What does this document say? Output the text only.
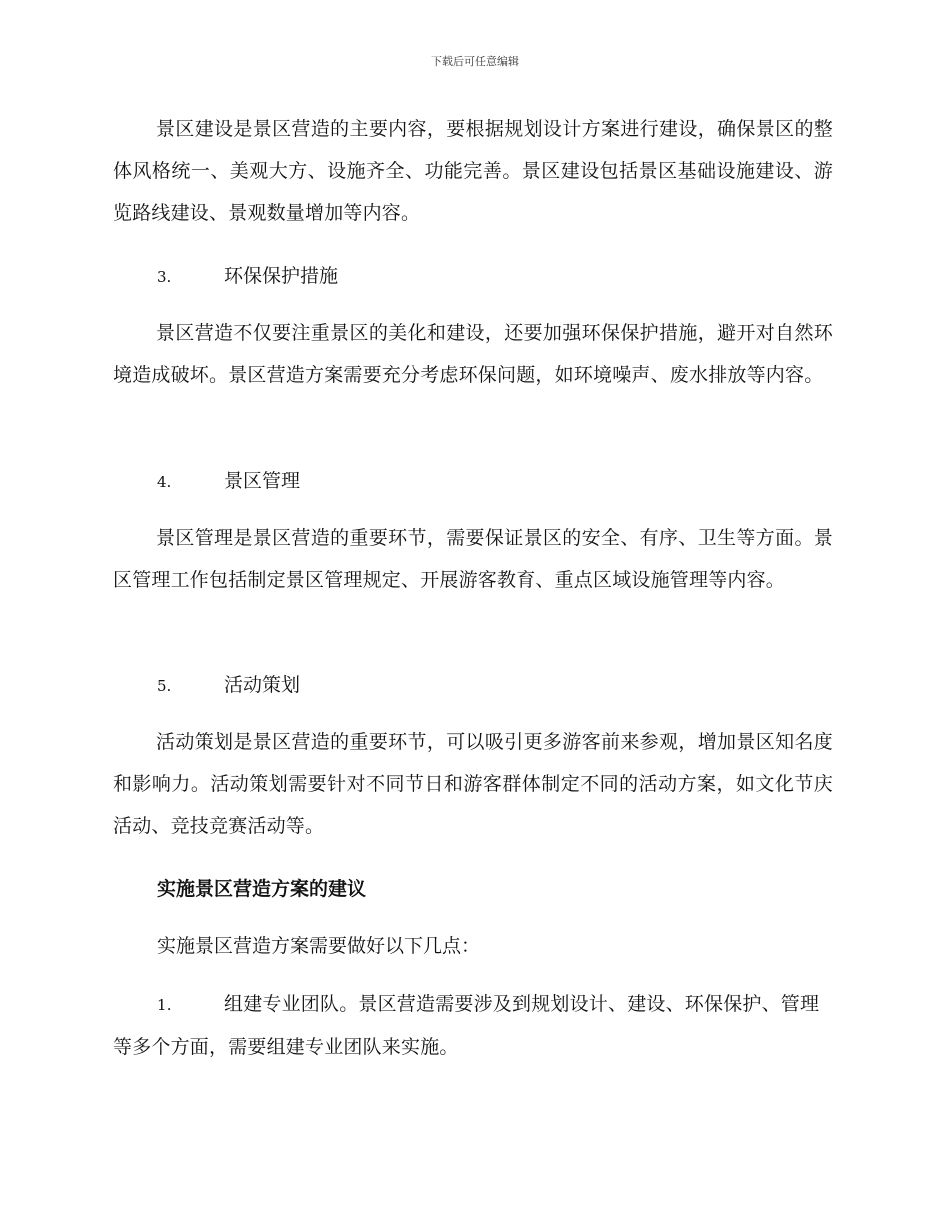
下载后可任意编辑
景区建设是景区营造的主要内容，要根据规划设计方案进行建设，确保景区的整体风格统一、美观大方、设施齐全、功能完善。景区建设包括景区基础设施建设、游览路线建设、景观数量增加等内容。
3.	环保保护措施
景区营造不仅要注重景区的美化和建设，还要加强环保保护措施，避开对自然环境造成破坏。景区营造方案需要充分考虑环保问题，如环境噪声、废水排放等内容。
4.	景区管理
景区管理是景区营造的重要环节，需要保证景区的安全、有序、卫生等方面。景区管理工作包括制定景区管理规定、开展游客教育、重点区域设施管理等内容。
5.	活动策划
活动策划是景区营造的重要环节，可以吸引更多游客前来参观，增加景区知名度和影响力。活动策划需要针对不同节日和游客群体制定不同的活动方案，如文化节庆活动、竞技竞赛活动等。
实施景区营造方案的建议
实施景区营造方案需要做好以下几点：
1.	组建专业团队。景区营造需要涉及到规划设计、建设、环保保护、管理等多个方面，需要组建专业团队来实施。
